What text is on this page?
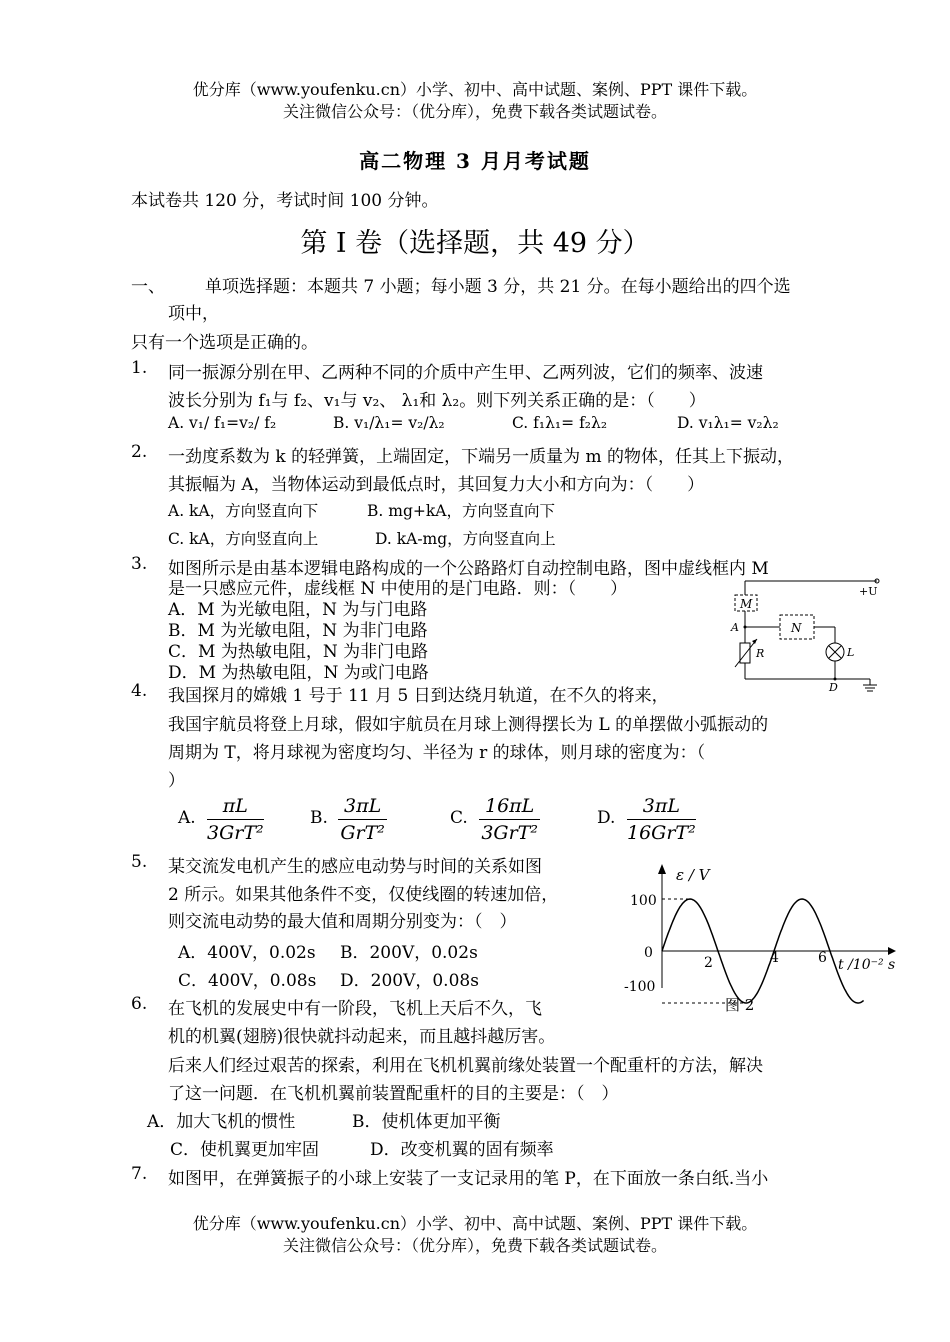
优分库（www.youfenku.cn）小学、初中、高中试题、案例、PPT 课件下载。
关注微信公众号：（优分库），免费下载各类试题试卷。
高二物理 3 月月考试题
本试卷共 120 分，考试时间 100 分钟。
第 I 卷（选择题，共 49 分）
一、 单项选择题：本题共 7 小题；每小题 3 分，共 21 分。在每小题给出的四个选
项中，
只有一个选项是正确的。
1. 同一振源分别在甲、乙两种不同的介质中产生甲、乙两列波，它们的频率、波速
波长分别为 f₁与 f₂、v₁与 v₂、 λ₁和 λ₂。则下列关系正确的是：（　　）
A. v₁/ f₁=v₂/ f₂	B. v₁/λ₁= v₂/λ₂	C. f₁λ₁= f₂λ₂	D. v₁λ₁= v₂λ₂
2. 一劲度系数为 k 的轻弹簧，上端固定，下端另一质量为 m 的物体，任其上下振动，
其振幅为 A，当物体运动到最低点时，其回复力大小和方向为：（　　）
A. kA，方向竖直向下	B. mg+kA，方向竖直向下
C. kA，方向竖直向上	D. kA-mg，方向竖直向上
3. 如图所示是由基本逻辑电路构成的一个公路路灯自动控制电路，图中虚线框内 M
是一只感应元件，虚线框 N 中使用的是门电路．则：（　　）
A．M 为光敏电阻，N 为与门电路
B．M 为光敏电阻，N 为非门电路
C．M 为热敏电阻，N 为非门电路
D．M 为热敏电阻，N 为或门电路
+U
M
A	N
L
R
D
4. 我国探月的嫦娥 1 号于 11 月 5 日到达绕月轨道，在不久的将来，
我国宇航员将登上月球，假如宇航员在月球上测得摆长为 L 的单摆做小弧振动的
周期为 T，将月球视为密度均匀、半径为 r 的球体，则月球的密度为：（
）
A.
πL
3GrT²
B.
3πL
GrT²
C.
16πL
3GrT²
D.
3πL
16GrT²
5. 某交流发电机产生的感应电动势与时间的关系如图
2 所示。如果其他条件不变，仅使线圈的转速加倍，
则交流电动势的最大值和周期分别变为：（　）
A．400V，0.02s B．200V，0.02s
C．400V，0.08s D．200V，0.08s
ε / V
t /10⁻² s
100
0
-100
2	4	6
图 2
6. 在飞机的发展史中有一阶段，飞机上天后不久，飞
机的机翼(翅膀)很快就抖动起来，而且越抖越厉害。
后来人们经过艰苦的探索，利用在飞机机翼前缘处装置一个配重杆的方法，解决
了这一问题．在飞机机翼前装置配重杆的目的主要是：（　）
A．加大飞机的惯性	B．使机体更加平衡
C．使机翼更加牢固	D．改变机翼的固有频率
7. 如图甲，在弹簧振子的小球上安装了一支记录用的笔 P，在下面放一条白纸.当小
优分库（www.youfenku.cn）小学、初中、高中试题、案例、PPT 课件下载。
关注微信公众号：（优分库），免费下载各类试题试卷。
